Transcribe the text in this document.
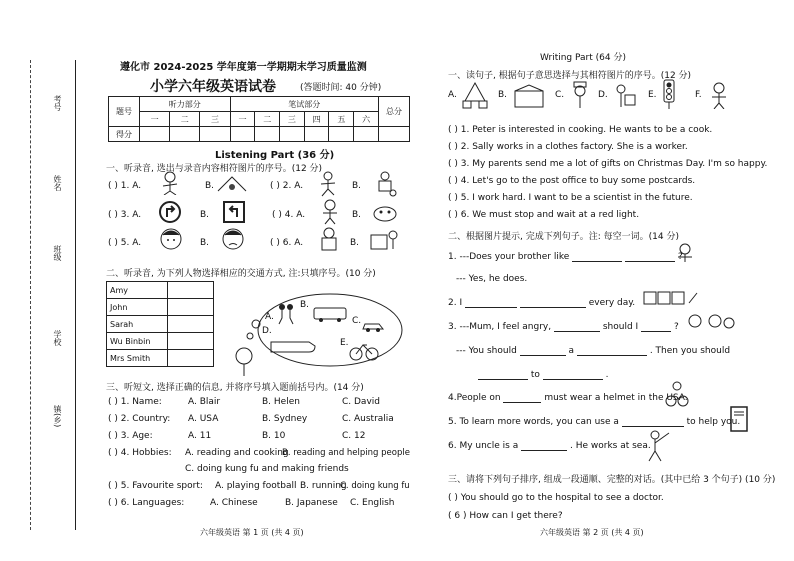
考号
姓名
班级
学校
镇(乡)
遵化市 2024-2025 学年度第一学期期末学习质量监测
小学六年级英语试卷	(答题时间: 40 分钟)
题号	听力部分			笔试部分						总分
	一	二	三	一	二	三	四	五	六	
得分										
Listening Part (36 分)
一、听录音, 选出与录音内容相符图片的序号。(12 分)
( ) 1. A.	B.	( ) 2. A.	B.
( ) 3. A.	B.	( ) 4. A.	B.
( ) 5. A.	B.	( ) 6. A.	B.
二、听录音, 为下列人物选择相应的交通方式, 注:只填序号。(10 分)
Amy	
John	
Sarah	
Wu Binbin	
Mrs Smith	
A.
D.
B.
C.
E.
三、听短文, 选择正确的信息, 并将序号填入题前括号内。(14 分)
( ) 1. Name:	A. Blair	B. Helen	C. David
( ) 2. Country: A. USA	B. Sydney	C. Australia
( ) 3. Age:	A. 11	B. 10	C. 12
( ) 4. Hobbies: A. reading and cooking
B. reading and helping people
C. doing kung fu and making friends
( ) 5. Favourite sport: A. playing football B. running
C. doing kung fu
( ) 6. Languages:	A. Chinese	B. Japanese C. English
六年级英语 第 1 页 (共 4 页)
Writing Part (64 分)
一、读句子, 根据句子意思选择与其相符图片的序号。(12 分)
A.	B.	C.	D.	E.	F.
( ) 1. Peter is interested in cooking. He wants to be a cook.
( ) 2. Sally works in a clothes factory. She is a worker.
( ) 3. My parents send me a lot of gifts on Christmas Day. I'm so happy.
( ) 4. Let's go to the post office to buy some postcards.
( ) 5. I work hard. I want to be a scientist in the future.
( ) 6. We must stop and wait at a red light.
二、根据图片提示, 完成下列句子。注: 每空一词。(14 分)
1. ---Does your brother like
--- Yes, he does.
2. I	every day.
3. ---Mum, I feel angry,	should I	?
--- You should	a	. Then you should
to	.
4.People on	must wear a helmet in the USA.
5. To learn more words, you can use a	to help you.
6. My uncle is a	. He works at sea.
三、请将下列句子排序, 组成一段通顺、完整的对话。(其中已给 3 个句子) (10 分)
( ) You should go to the hospital to see a doctor.
( 6 ) How can I get there?
六年级英语 第 2 页 (共 4 页)
